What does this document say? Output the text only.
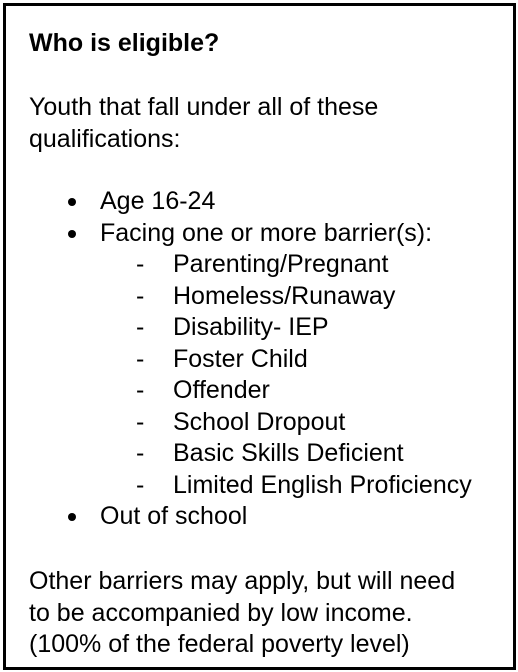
Who is eligible?

Youth that fall under all of these
qualifications:

Age 16-24
Facing one or more barrier(s):
- Parenting/Pregnant
- Homeless/Runaway
- Disability- IEP
- Foster Child
- Offender
- School Dropout
- Basic Skills Deficient
- Limited English Proficiency
Out of school

Other barriers may apply, but will need
to be accompanied by low income.
(100% of the federal poverty level)
